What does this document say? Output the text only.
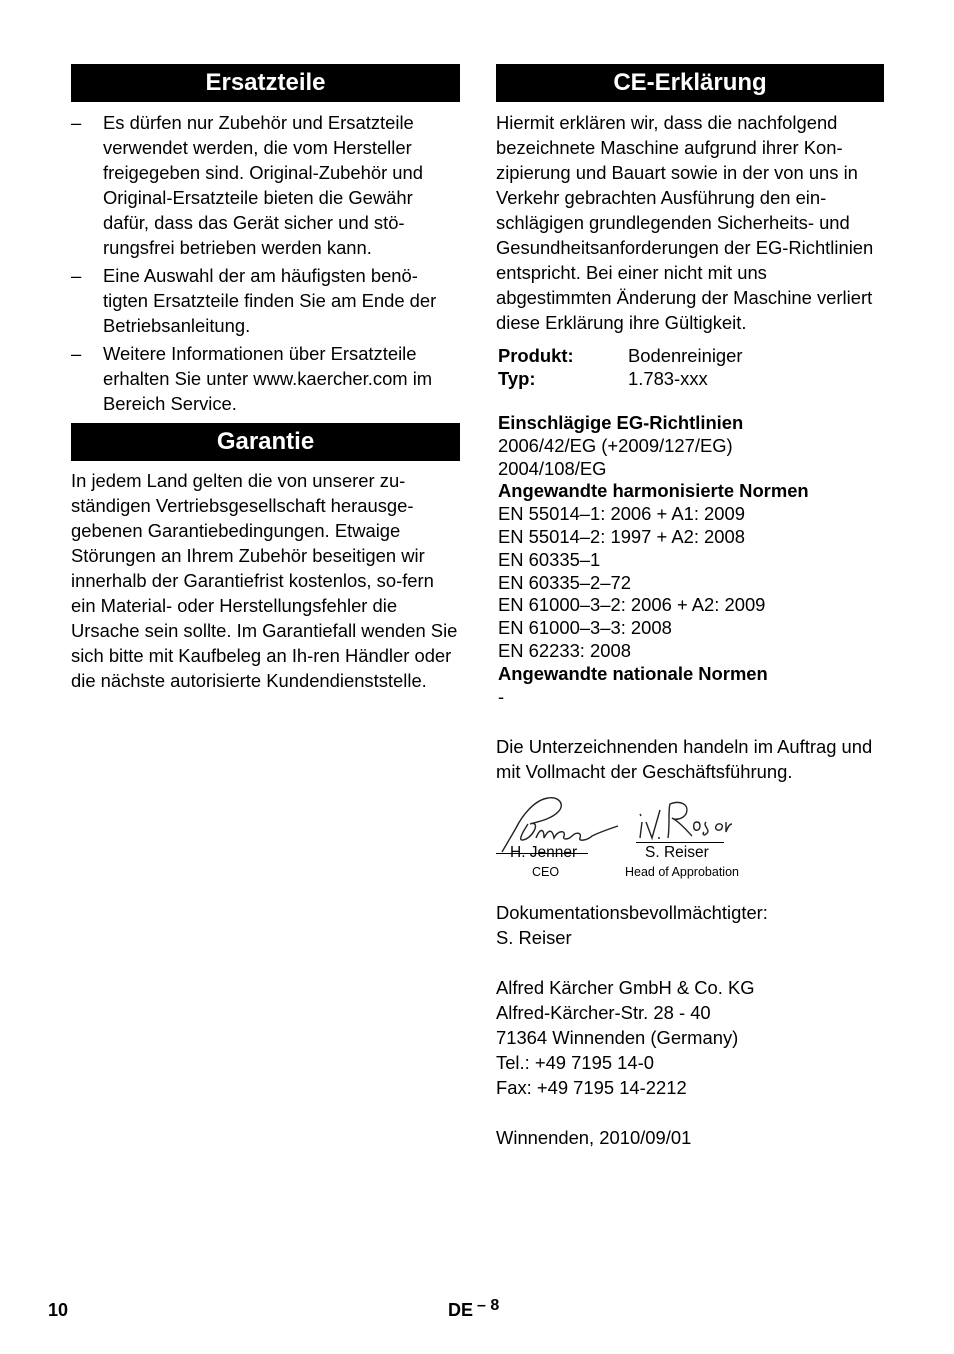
Ersatzteile
– Es dürfen nur Zubehör und Ersatzteile verwendet werden, die vom Hersteller freigegeben sind. Original-Zubehör und Original-Ersatzteile bieten die Gewähr dafür, dass das Gerät sicher und stö-rungsfrei betrieben werden kann.
– Eine Auswahl der am häufigsten benö-tigten Ersatzteile finden Sie am Ende der Betriebsanleitung.
– Weitere Informationen über Ersatzteile erhalten Sie unter www.kaercher.com im Bereich Service.
Garantie

In jedem Land gelten die von unserer zu-ständigen Vertriebsgesellschaft herausge-gebenen Garantiebedingungen. Etwaige Störungen an Ihrem Zubehör beseitigen wir innerhalb der Garantiefrist kostenlos, so-fern ein Material- oder Herstellungsfehler die Ursache sein sollte. Im Garantiefall wenden Sie sich bitte mit Kaufbeleg an Ih-ren Händler oder die nächste autorisierte Kundendienststelle.

CE-Erklärung

Hiermit erklären wir, dass die nachfolgend bezeichnete Maschine aufgrund ihrer Kon-zipierung und Bauart sowie in der von uns in Verkehr gebrachten Ausführung den ein-schlägigen grundlegenden Sicherheits- und Gesundheitsanforderungen der EG-Richtlinien entspricht. Bei einer nicht mit uns abgestimmten Änderung der Maschine verliert diese Erklärung ihre Gültigkeit.

Produkt:	Bodenreiniger
Typ:	1.783-xxx
Einschlägige EG-Richtlinien
2006/42/EG (+2009/127/EG)
2004/108/EG
Angewandte harmonisierte Normen
EN 55014–1: 2006 + A1: 2009
EN 55014–2: 1997 + A2: 2008
EN 60335–1
EN 60335–2–72
EN 61000–3–2: 2006 + A2: 2009
EN 61000–3–3: 2008
EN 62233: 2008
Angewandte nationale Normen
-

Die Unterzeichnenden handeln im Auftrag und mit Vollmacht der Geschäftsführung.

H. Jenner
CEO
S. Reiser
Head of Approbation
Dokumentationsbevollmächtigter:
S. Reiser
Alfred Kärcher GmbH & Co. KG
Alfred-Kärcher-Str. 28 - 40
71364 Winnenden (Germany)
Tel.: +49 7195 14-0
Fax: +49 7195 14-2212
Winnenden, 2010/09/01
10	DE – 8
